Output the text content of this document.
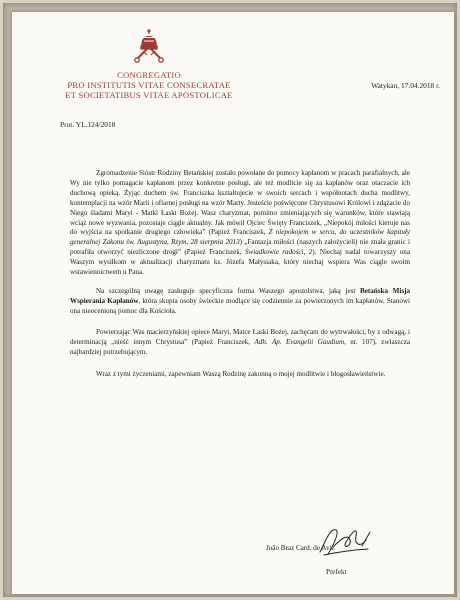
CONGREGATIO
PRO INSTITUTIS VITAE CONSECRATAE
ET SOCIETATIBUS VITAE APOSTOLICAE
Watykan, 17.04.2018 r.
Prot. YL.124/2018

Zgromadzenie Sióstr Rodziny Betańskiej zostało powołane do pomocy kapłanom w pracach parafialnych, ale Wy nie tylko pomagacie kapłanom przez konkretne posługi, ale też modlicie się za kapłanów oraz otaczacie ich duchową opieką. Żyjąc duchem św. Franciszka kształtujecie w swoich sercach i współnotach ducha modlitwy, kontemplacji na wzór Marii i ofiarnej posługi na wzór Marty. Jesteście poświęcone Chrystusowi Królowi i zdążacie do Niego śladami Maryi - Matki Łaski Bożej. Wasz charyzmat, pomimo zmieniających się warunków, które stawiają wciąż nowe wyzwania, pozostaje ciągle aktualny. Jak mówił Ojciec Święty Franciszek, „Niepokój miłości kieruje nas do wyjścia na spotkanie drugiego człowieka” (Papież Franciszek, Z niepokojem w sercu, do uczestników kapituły generalnej Zakonu św. Augustyna, Rzym, 28 sierpnia 2013) „Fantazja miłości (naszych założycieli) nie znała granic i potrafiła otworzyć niezliczone drogi” (Papież Franciszek, Świadkowie radości, 2). Niechaj nadal towarzyszy ona Waszym wysiłkom w aktualizacji charyzmatu ks. Józefa Małysiaka, który niechaj wspiera Was ciągle swoim wstawiennictwem u Pana.

Na szczególną uwagę zasługuje specyficzna forma Waszego apostolstwa, jaką jest Betańska Misja Wspierania Kapłanów, która skupia osoby świeckie modlące się codziennie za powierzonych im kapłanów. Stanowi ona nieocenioną pomoc dla Kościoła.

Powierzając Was macierzyńskiej opiece Maryi, Matce Łaski Bożej, zachęcam do wytrwałości, by z odwagą, i determinacją „nieść innym Chrystusa” (Papież Franciszek, Adh. Ap. Evangelii Gaudium, nr. 107), zwłaszcza najbardziej potrzebującym.

Wraz z tymi życzeniami, zapewniam Waszą Rodzinę zakonną o mojej modlitwie i błogosławieństwie.

João Braz Card. de Aviz
Prefekt
